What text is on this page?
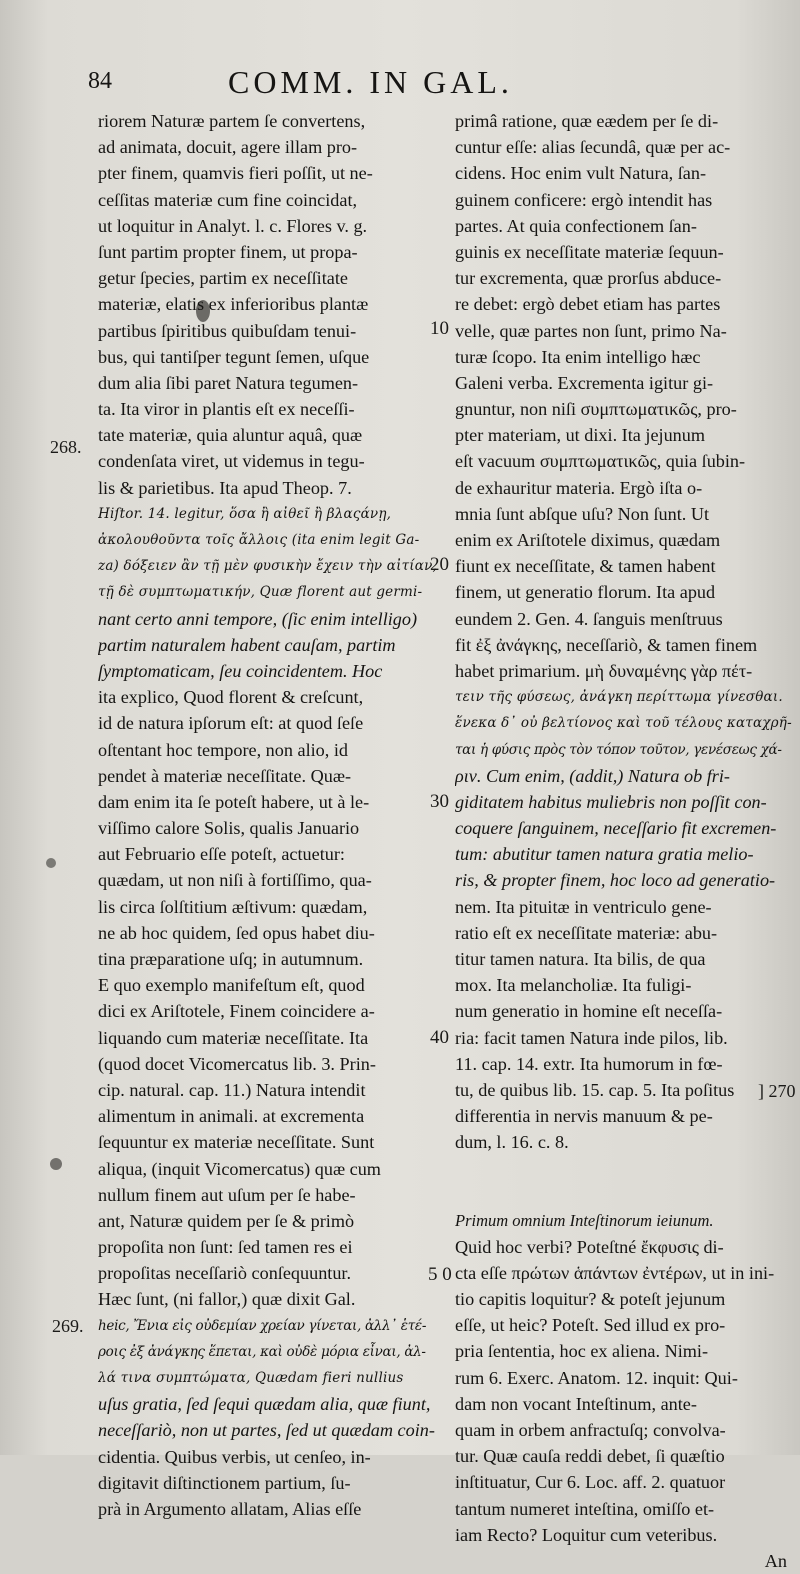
84	COMM. IN GAL.
268.
269.
] 270
10
20
30
40
5 0
riorem Naturæ partem ſe convertens,
ad animata, docuit, agere illam pro-
pter finem, quamvis fieri poſſit, ut ne-
ceſſitas materiæ cum fine coincidat,
ut loquitur in Analyt. l. c. Flores v. g.
ſunt partim propter finem, ut propa-
getur ſpecies, partim ex neceſſitate
materiæ, elatis ex inferioribus plantæ
partibus ſpiritibus quibuſdam tenui-
bus, qui tantiſper tegunt ſemen, uſque
dum alia ſibi paret Natura tegumen-
ta. Ita viror in plantis eſt ex neceſſi-
tate materiæ, quia aluntur aquâ, quæ
condenſata viret, ut videmus in tegu-
lis & parietibus. Ita apud Theop. 7.
Hiſtor. 14. legitur, ὅσα ἢ αἰθεῖ ἢ βλαςάνῃ,
ἀκολουθοῦντα τοῖς ἄλλοις (ita enim legit Ga-
za) δόξειεν ἂν τῇ μὲν φυσικὴν ἔχειν τὴν αἰτίαν,
τῇ δὲ συμπτωματικήν, Quæ florent aut germi-
nant certo anni tempore, (ſic enim intelligo)
partim naturalem habent cauſam, partim
ſymptomaticam, ſeu coincidentem. Hoc
ita explico, Quod florent & creſcunt,
id de natura ipſorum eſt: at quod ſeſe
oſtentant hoc tempore, non alio, id
pendet à materiæ neceſſitate. Quæ-
dam enim ita ſe poteſt habere, ut à le-
viſſimo calore Solis, qualis Januario
aut Februario eſſe poteſt, actuetur:
quædam, ut non niſi à fortiſſimo, qua-
lis circa ſolſtitium æſtivum: quædam,
ne ab hoc quidem, ſed opus habet diu-
tina præparatione uſq; in autumnum.
E quo exemplo manifeſtum eſt, quod
dici ex Ariſtotele, Finem coincidere a-
liquando cum materiæ neceſſitate. Ita
(quod docet Vicomercatus lib. 3. Prin-
cip. natural. cap. 11.) Natura intendit
alimentum in animali. at excrementa
ſequuntur ex materiæ neceſſitate. Sunt
aliqua, (inquit Vicomercatus) quæ cum
nullum finem aut uſum per ſe habe-
ant, Naturæ quidem per ſe & primò
propoſita non ſunt: ſed tamen res ei
propoſitas neceſſariò conſequuntur.
Hæc ſunt, (ni fallor,) quæ dixit Gal.
heic, Ἔνια εἰς οὐδεμίαν χρείαν γίνεται, ἀλλ᾽ ἑτέ-
ροις ἐξ ἀνάγκης ἕπεται, καὶ οὐδὲ μόρια εἶναι, ἀλ-
λά τινα συμπτώματα, Quædam fieri nullius
uſus gratia, ſed ſequi quædam alia, quæ fiunt,
neceſſariò, non ut partes, ſed ut quædam coin-
cidentia. Quibus verbis, ut cenſeo, in-
digitavit diſtinctionem partium, ſu-
prà in Argumento allatam, Alias eſſe
primâ ratione, quæ eædem per ſe di-
cuntur eſſe: alias ſecundâ, quæ per ac-
cidens. Hoc enim vult Natura, ſan-
guinem conficere: ergò intendit has
partes. At quia confectionem ſan-
guinis ex neceſſitate materiæ ſequun-
tur excrementa, quæ prorſus abduce-
re debet: ergò debet etiam has partes
velle, quæ partes non ſunt, primo Na-
turæ ſcopo. Ita enim intelligo hæc
Galeni verba. Excrementa igitur gi-
gnuntur, non niſi συμπτωματικῶς, pro-
pter materiam, ut dixi. Ita jejunum
eſt vacuum συμπτωματικῶς, quia ſubin-
de exhauritur materia. Ergò iſta o-
mnia ſunt abſque uſu? Non ſunt. Ut
enim ex Ariſtotele diximus, quædam
fiunt ex neceſſitate, & tamen habent
finem, ut generatio florum. Ita apud
eundem 2. Gen. 4. ſanguis menſtruus
fit ἐξ ἀνάγκης, neceſſariò, & tamen finem
habet primarium. μὴ δυναμένης γὰρ πέτ-
τειν τῆς φύσεως, ἀνάγκη περίττωμα γίνεσθαι.
ἕνεκα δ᾽ οὐ βελτίονος καὶ τοῦ τέλους καταχρῆ-
ται ἡ φύσις πρὸς τὸν τόπον τοῦτον, γενέσεως χά-
ριν. Cum enim, (addit,) Natura ob fri-
giditatem habitus muliebris non poſſit con-
coquere ſanguinem, neceſſario fit excremen-
tum: abutitur tamen natura gratia melio-
ris, & propter finem, hoc loco ad generatio-
nem. Ita pituitæ in ventriculo gene-
ratio eſt ex neceſſitate materiæ: abu-
titur tamen natura. Ita bilis, de qua
mox. Ita melancholiæ. Ita fuligi-
num generatio in homine eſt neceſſa-
ria: facit tamen Natura inde pilos, lib.
11. cap. 14. extr. Ita humorum in fœ-
tu, de quibus lib. 15. cap. 5. Ita poſitus
differentia in nervis manuum & pe-
dum, l. 16. c. 8.
Primum omnium Inteſtinorum ieiunum.
Quid hoc verbi? Poteſtné ἔκφυσις di-
cta eſſe πρώτων ἁπάντων ἐντέρων, ut in ini-
tio capitis loquitur? & poteſt jejunum
eſſe, ut heic? Poteſt. Sed illud ex pro-
pria ſententia, hoc ex aliena. Nimi-
rum 6. Exerc. Anatom. 12. inquit: Qui-
dam non vocant Inteſtinum, ante-
quam in orbem anfractuſq; convolva-
tur. Quæ cauſa reddi debet, ſi quæſtio
inſtituatur, Cur 6. Loc. aff. 2. quatuor
tantum numeret inteſtina, omiſſo et-
iam Recto? Loquitur cum veteribus.
An
